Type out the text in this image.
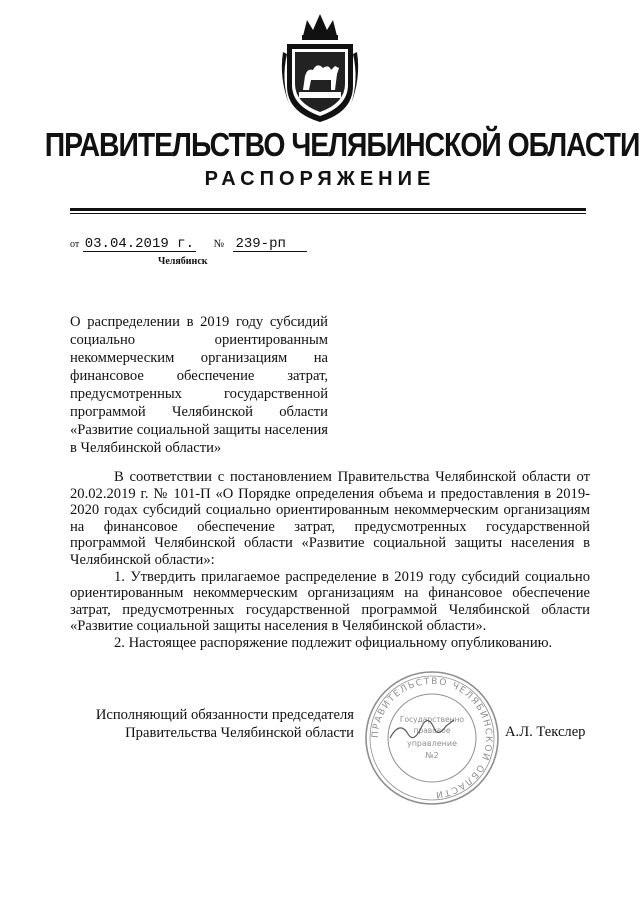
ПРАВИТЕЛЬСТВО ЧЕЛЯБИНСКОЙ ОБЛАСТИ
РАСПОРЯЖЕНИЕ
от 03.04.2019 г. № 239-рп
Челябинск
О распределении в 2019 году субсидий социально ориентированным некоммерческим организациям на финансовое обеспечение затрат, предусмотренных государственной программой Челябинской области «Развитие социальной защиты населения в Челябинской области»

В соответствии с постановлением Правительства Челябинской области от 20.02.2019 г. № 101-П «О Порядке определения объема и предоставления в 2019-2020 годах субсидий социально ориентированным некоммерческим организациям на финансовое обеспечение затрат, предусмотренных государственной программой Челябинской области «Развитие социальной защиты населения в Челябинской области»:

1. Утвердить прилагаемое распределение в 2019 году субсидий социально ориентированным некоммерческим организациям на финансовое обеспечение затрат, предусмотренных государственной программой Челябинской области «Развитие социальной защиты населения в Челябинской области».

2. Настоящее распоряжение подлежит официальному опубликованию.

Исполняющий обязанности председателя
Правительства Челябинской области	А.Л. Текслер
ПРАВИТЕЛЬСТВО ЧЕЛЯБИНСКОЙ ОБЛАСТИ
Государственно
правовое
управление
№2
